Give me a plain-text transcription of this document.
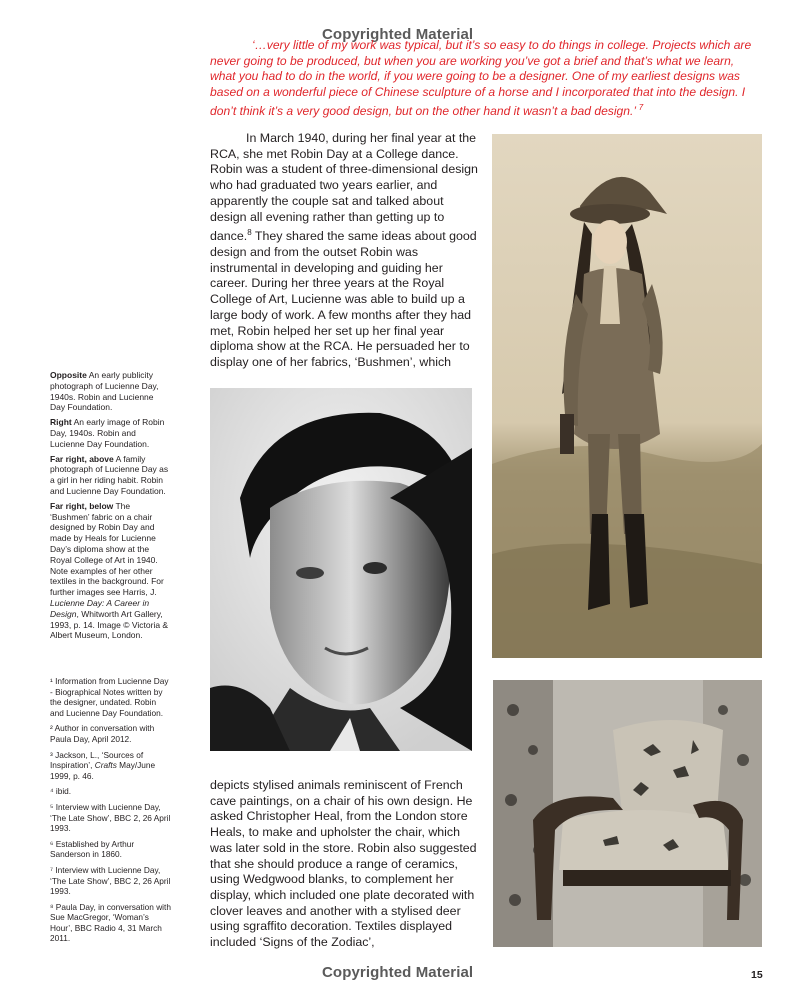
Copyrighted Material

‘…very little of my work was typical, but it’s so easy to do things in college. Projects which are never going to be produced, but when you are working you’ve got a brief and that’s what we learn, what you had to do in the world, if you were going to be a designer. One of my earliest designs was based on a wonderful piece of Chinese sculpture of a horse and I incorporated that into the design. I don’t think it’s a very good design, but on the other hand it wasn’t a bad design.’ $^7$

In March 1940, during her final year at the RCA, she met Robin Day at a College dance. Robin was a student of three-dimensional design who had graduated two years earlier, and apparently the couple sat and talked about design all evening rather than getting up to dance.$^8$ They shared the same ideas about good design and from the outset Robin was instrumental in developing and guiding her career. During her three years at the Royal College of Art, Lucienne was able to build up a large body of work. A few months after they had met, Robin helped her set up her final year diploma show at the RCA. He persuaded her to display one of her fabrics, ‘Bushmen’, which

Opposite An early publicity photograph of Lucienne Day, 1940s. Robin and Lucienne Day Foundation.

Right An early image of Robin Day, 1940s. Robin and Lucienne Day Foundation.

Far right, above A family photograph of Lucienne Day as a girl in her riding habit. Robin and Lucienne Day Foundation.

Far right, below The ‘Bushmen’ fabric on a chair designed by Robin Day and made by Heals for Lucienne Day’s diploma show at the Royal College of Art in 1940. Note examples of her other textiles in the background. For further images see Harris, J. Lucienne Day: A Career in Design, Whitworth Art Gallery, 1993, p. 14. Image © Victoria & Albert Museum, London.

¹ Information from Lucienne Day - Biographical Notes written by the designer, undated. Robin and Lucienne Day Foundation.

² Author in conversation with Paula Day, April 2012.

³ Jackson, L., ‘Sources of Inspiration’, Crafts May/June 1999, p. 46.

⁴ ibid.

⁵ Interview with Lucienne Day, ‘The Late Show’, BBC 2, 26 April 1993.

⁶ Established by Arthur Sanderson in 1860.

⁷ Interview with Lucienne Day, ‘The Late Show’, BBC 2, 26 April 1993.

⁸ Paula Day, in conversation with Sue MacGregor, ‘Woman’s Hour’, BBC Radio 4, 31 March 2011.

depicts stylised animals reminiscent of French cave paintings, on a chair of his own design. He asked Christopher Heal, from the London store Heals, to make and upholster the chair, which was later sold in the store. Robin also suggested that she should produce a range of ceramics, using Wedgwood blanks, to complement her display, which included one plate decorated with clover leaves and another with a stylised deer using sgraffito decoration. Textiles displayed included ‘Signs of the Zodiac’,

Copyrighted Material	15
